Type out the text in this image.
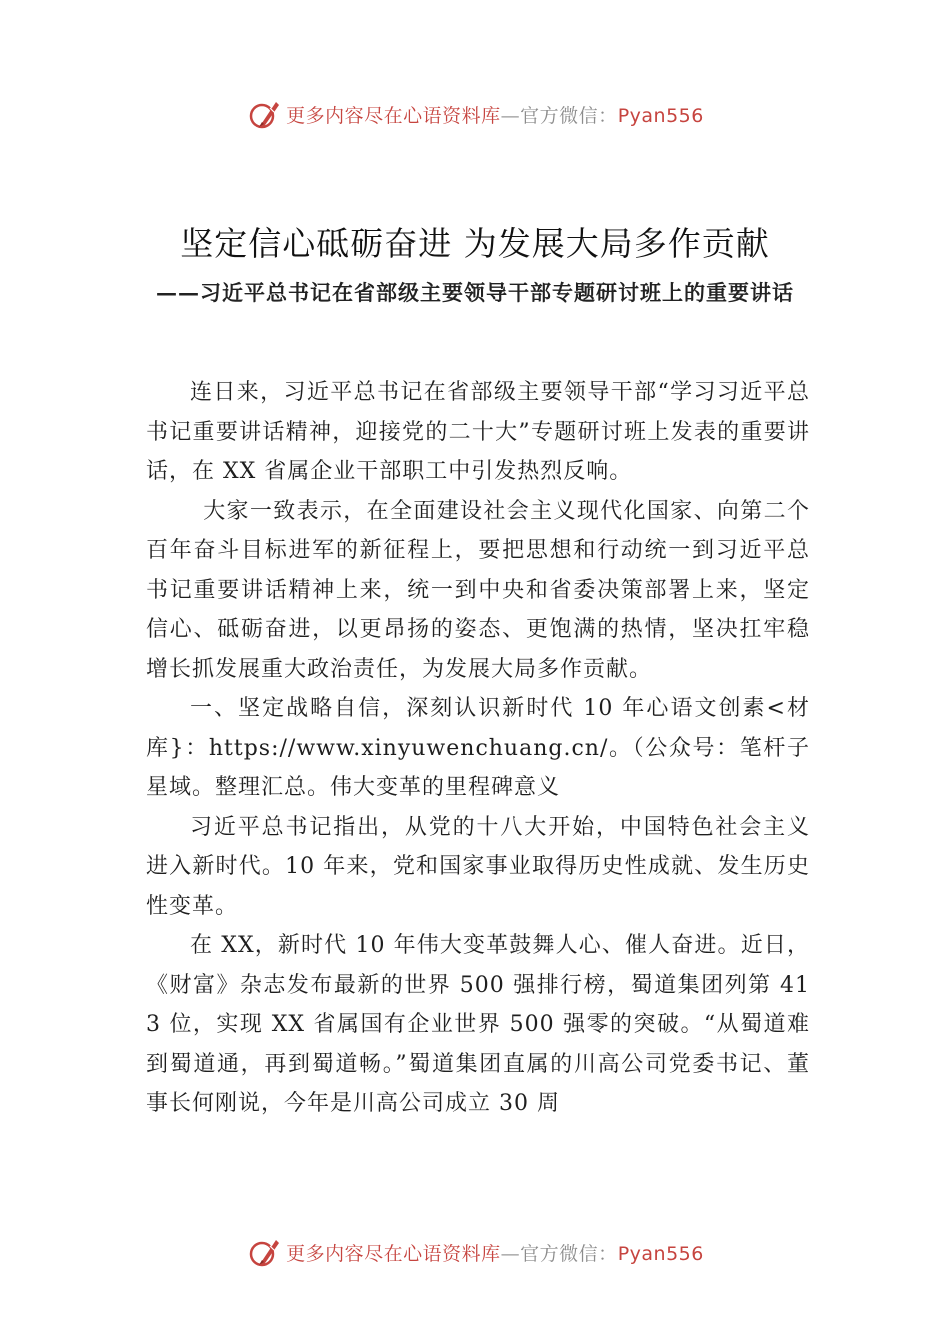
更多内容尽在心语资料库—官方微信：Pyan556
坚定信心砥砺奋进 为发展大局多作贡献
——习近平总书记在省部级主要领导干部专题研讨班上的重要讲话

连日来，习近平总书记在省部级主要领导干部“学习习近平总书记重要讲话精神，迎接党的二十大”专题研讨班上发表的重要讲话，在 XX 省属企业干部职工中引发热烈反响。

大家一致表示，在全面建设社会主义现代化国家、向第二个百年奋斗目标进军的新征程上，要把思想和行动统一到习近平总书记重要讲话精神上来，统一到中央和省委决策部署上来，坚定信心、砥砺奋进，以更昂扬的姿态、更饱满的热情，坚决扛牢稳增长抓发展重大政治责任，为发展大局多作贡献。

一、坚定战略自信，深刻认识新时代 10 年心语文创素<材库}：https://www.xinyuwenchuang.cn/。（公众号：笔杆子星域。整理汇总。伟大变革的里程碑意义

习近平总书记指出，从党的十八大开始，中国特色社会主义进入新时代。10 年来，党和国家事业取得历史性成就、发生历史性变革。

在 XX，新时代 10 年伟大变革鼓舞人心、催人奋进。近日，《财富》杂志发布最新的世界 500 强排行榜，蜀道集团列第 413 位，实现 XX 省属国有企业世界 500 强零的突破。“从蜀道难到蜀道通，再到蜀道畅。”蜀道集团直属的川高公司党委书记、董事长何刚说，今年是川高公司成立 30 周

更多内容尽在心语资料库—官方微信：Pyan556
